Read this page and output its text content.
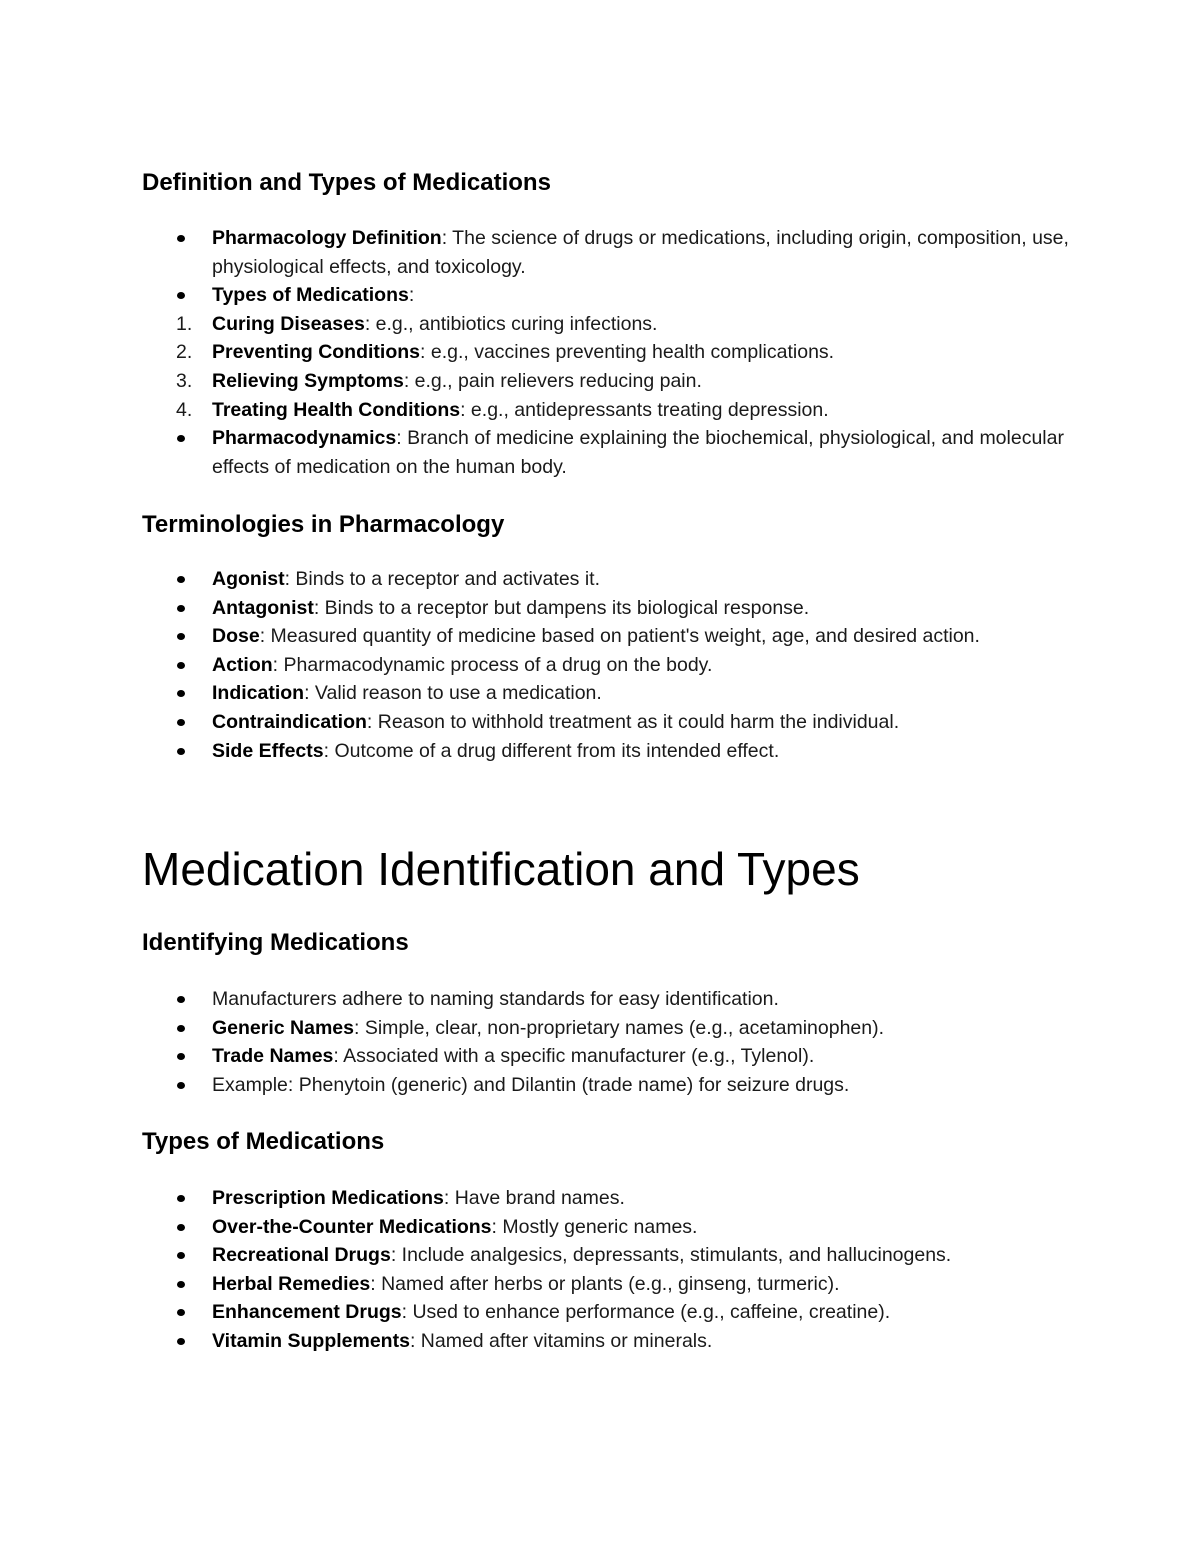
Definition and Types of Medications
Pharmacology Definition: The science of drugs or medications, including origin, composition, use, physiological effects, and toxicology.
Types of Medications:
1.	Curing Diseases: e.g., antibiotics curing infections.
2.	Preventing Conditions: e.g., vaccines preventing health complications.
3.	Relieving Symptoms: e.g., pain relievers reducing pain.
4.	Treating Health Conditions: e.g., antidepressants treating depression.
Pharmacodynamics: Branch of medicine explaining the biochemical, physiological, and molecular effects of medication on the human body.
Terminologies in Pharmacology
Agonist: Binds to a receptor and activates it.
Antagonist: Binds to a receptor but dampens its biological response.
Dose: Measured quantity of medicine based on patient's weight, age, and desired action.
Action: Pharmacodynamic process of a drug on the body.
Indication: Valid reason to use a medication.
Contraindication: Reason to withhold treatment as it could harm the individual.
Side Effects: Outcome of a drug different from its intended effect.
Medication Identification and Types
Identifying Medications
Manufacturers adhere to naming standards for easy identification.
Generic Names: Simple, clear, non-proprietary names (e.g., acetaminophen).
Trade Names: Associated with a specific manufacturer (e.g., Tylenol).
Example: Phenytoin (generic) and Dilantin (trade name) for seizure drugs.
Types of Medications
Prescription Medications: Have brand names.
Over-the-Counter Medications: Mostly generic names.
Recreational Drugs: Include analgesics, depressants, stimulants, and hallucinogens.
Herbal Remedies: Named after herbs or plants (e.g., ginseng, turmeric).
Enhancement Drugs: Used to enhance performance (e.g., caffeine, creatine).
Vitamin Supplements: Named after vitamins or minerals.
